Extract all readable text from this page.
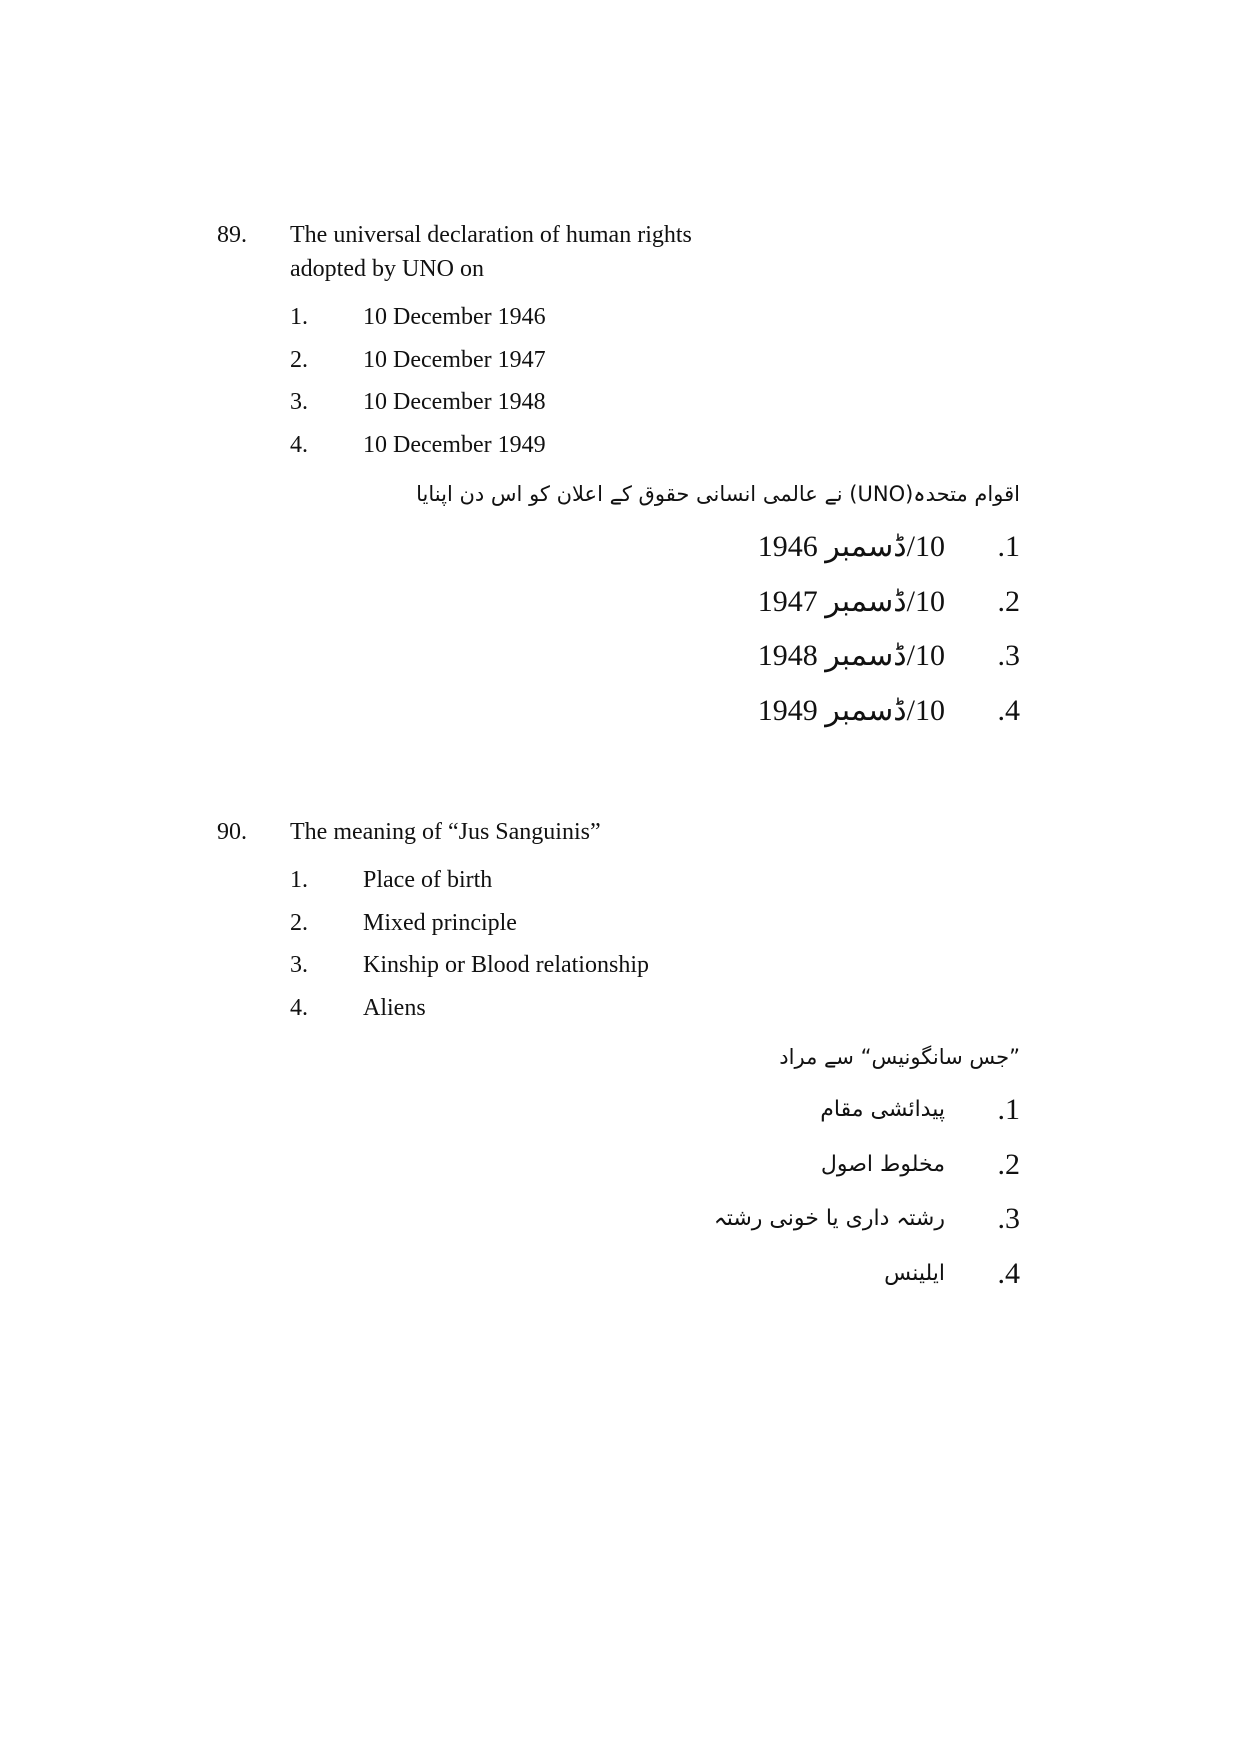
89. The universal declaration of human rights
adopted by UNO on
1. 10 December 1946
2. 10 December 1947
3. 10 December 1948
4. 10 December 1949
اقوام متحدہ(UNO) نے عالمی انسانی حقوق کے اعلان کو اس دن اپنایا
.1
10/ڈسمبر 1946
.2
10/ڈسمبر 1947
.3
10/ڈسمبر 1948
.4
10/ڈسمبر 1949
90. The meaning of “Jus Sanguinis”
1. Place of birth
2. Mixed principle
3. Kinship or Blood relationship
4. Aliens
”جس سانگونیس“ سے مراد
.1
پیدائشی مقام
.2
مخلوط اصول
.3
رشتہ داری یا خونی رشتہ
.4
ایلینس
